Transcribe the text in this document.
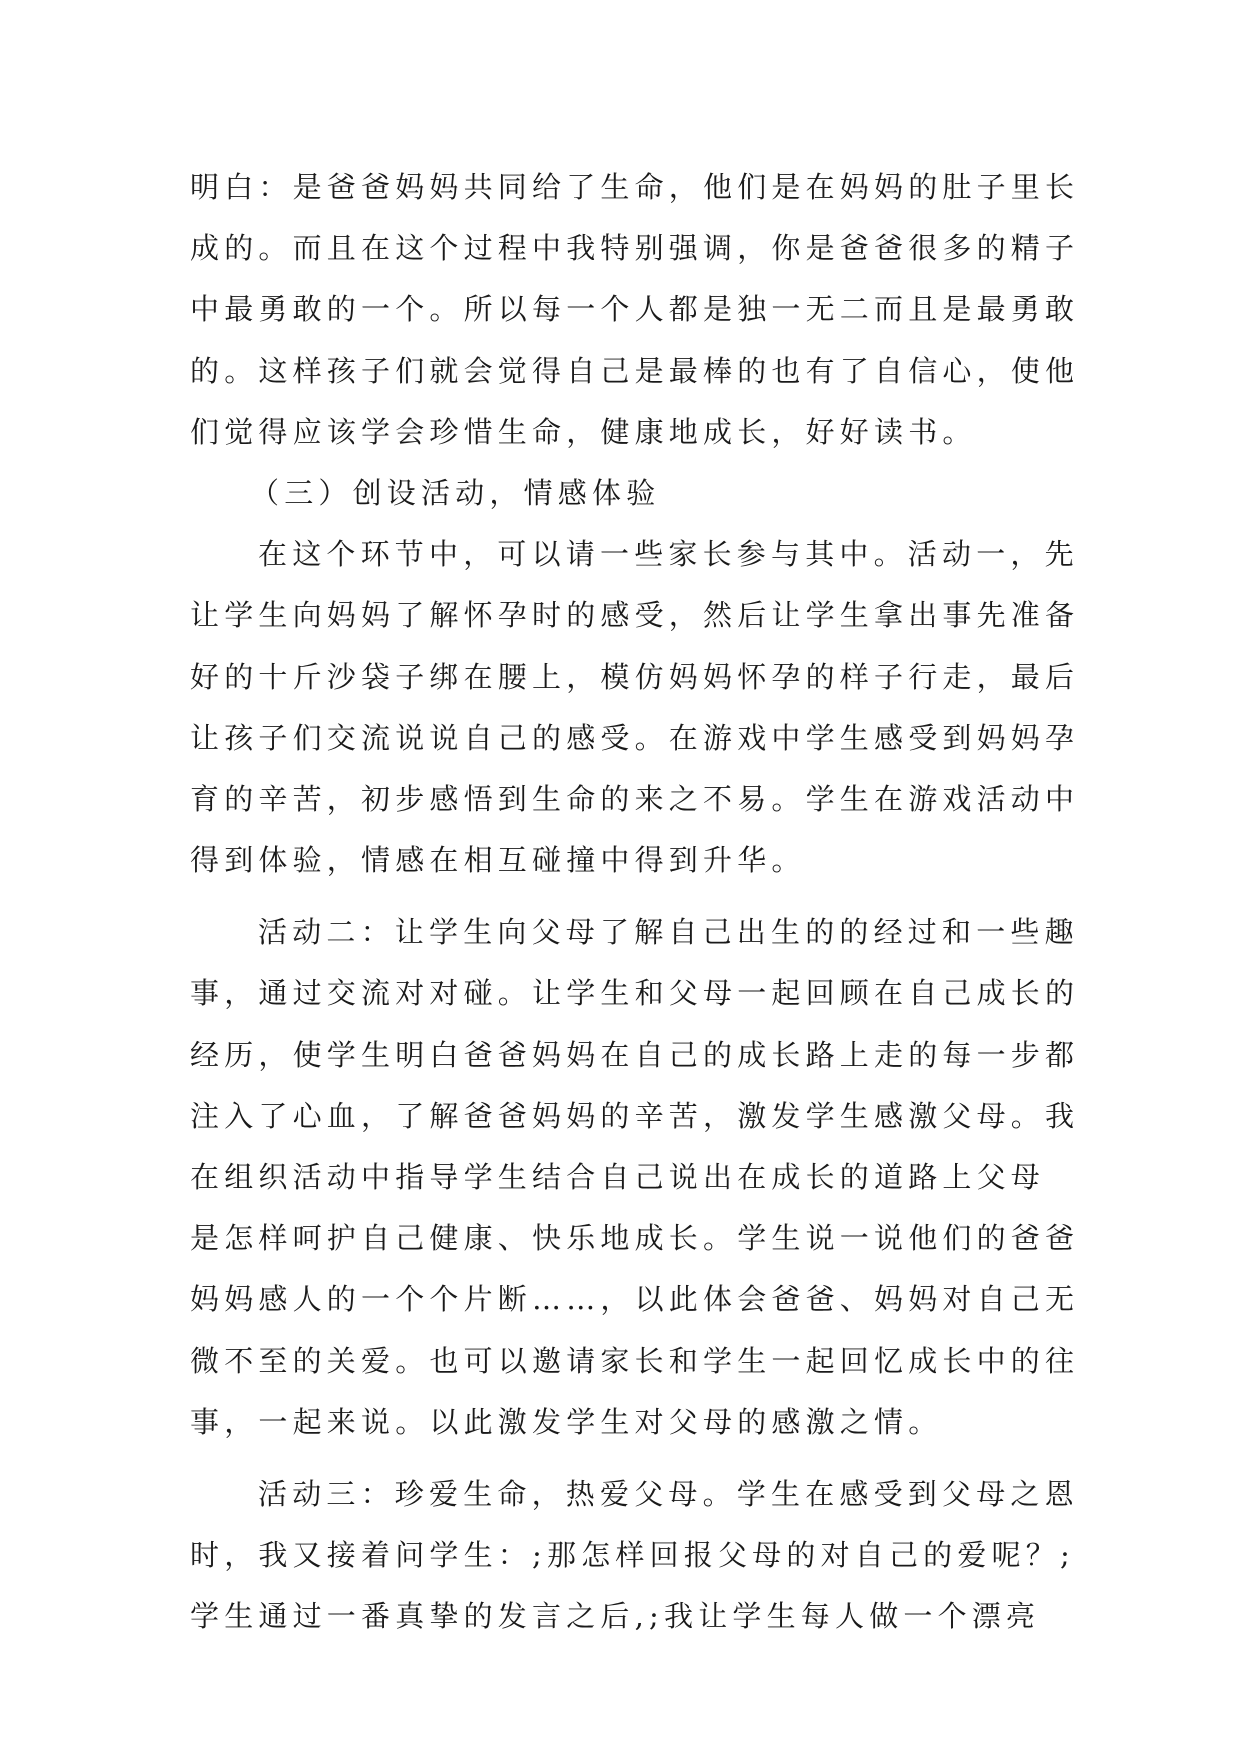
明白：是爸爸妈妈共同给了生命，他们是在妈妈的肚子里长
成的。而且在这个过程中我特别强调，你是爸爸很多的精子
中最勇敢的一个。所以每一个人都是独一无二而且是最勇敢
的。这样孩子们就会觉得自己是最棒的也有了自信心，使他
们觉得应该学会珍惜生命，健康地成长，好好读书。
（三）创设活动，情感体验
在这个环节中，可以请一些家长参与其中。活动一，先
让学生向妈妈了解怀孕时的感受，然后让学生拿出事先准备
好的十斤沙袋子绑在腰上，模仿妈妈怀孕的样子行走，最后
让孩子们交流说说自己的感受。在游戏中学生感受到妈妈孕
育的辛苦，初步感悟到生命的来之不易。学生在游戏活动中
得到体验，情感在相互碰撞中得到升华。
活动二：让学生向父母了解自己出生的的经过和一些趣
事，通过交流对对碰。让学生和父母一起回顾在自己成长的
经历，使学生明白爸爸妈妈在自己的成长路上走的每一步都
注入了心血，了解爸爸妈妈的辛苦，激发学生感激父母。我
在组织活动中指导学生结合自己说出在成长的道路上父母
是怎样呵护自己健康、快乐地成长。学生说一说他们的爸爸
妈妈感人的一个个片断……，以此体会爸爸、妈妈对自己无
微不至的关爱。也可以邀请家长和学生一起回忆成长中的往
事，一起来说。以此激发学生对父母的感激之情。
活动三：珍爱生命，热爱父母。学生在感受到父母之恩
时，我又接着问学生：;那怎样回报父母的对自己的爱呢？;
学生通过一番真挚的发言之后,;我让学生每人做一个漂亮
